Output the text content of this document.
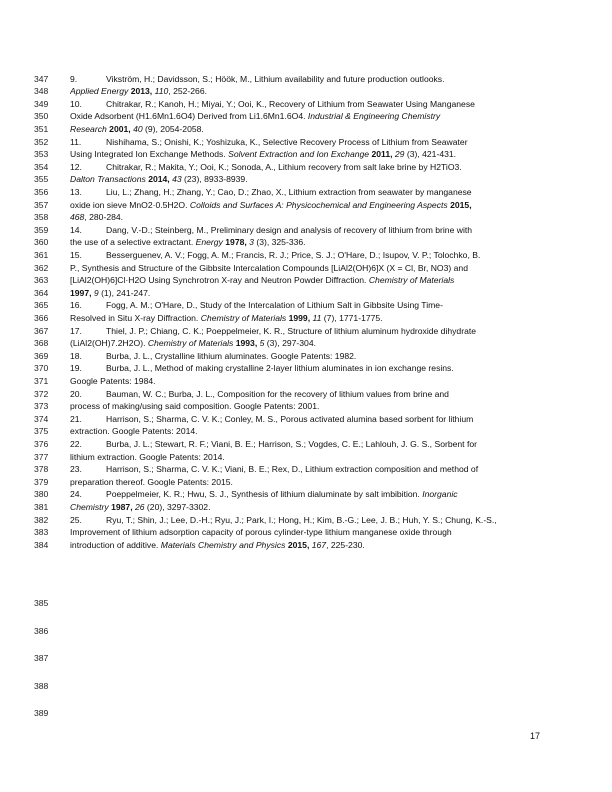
347	9.	Vikström, H.; Davidsson, S.; Höök, M., Lithium availability and future production outlooks.
348	Applied Energy 2013, 110, 252-266.
349	10.	Chitrakar, R.; Kanoh, H.; Miyai, Y.; Ooi, K., Recovery of Lithium from Seawater Using Manganese
350	Oxide Adsorbent (H1.6Mn1.6O4) Derived from Li1.6Mn1.6O4. Industrial & Engineering Chemistry
351	Research 2001, 40 (9), 2054-2058.
352	11.	Nishihama, S.; Onishi, K.; Yoshizuka, K., Selective Recovery Process of Lithium from Seawater
353	Using Integrated Ion Exchange Methods. Solvent Extraction and Ion Exchange 2011, 29 (3), 421-431.
354	12.	Chitrakar, R.; Makita, Y.; Ooi, K.; Sonoda, A., Lithium recovery from salt lake brine by H2TiO3.
355	Dalton Transactions 2014, 43 (23), 8933-8939.
356	13.	Liu, L.; Zhang, H.; Zhang, Y.; Cao, D.; Zhao, X., Lithium extraction from seawater by manganese
357	oxide ion sieve MnO2·0.5H2O. Colloids and Surfaces A: Physicochemical and Engineering Aspects 2015,
358	468, 280-284.
359	14.	Dang, V.-D.; Steinberg, M., Preliminary design and analysis of recovery of lithium from brine with
360	the use of a selective extractant. Energy 1978, 3 (3), 325-336.
361	15.	Besserguenev, A. V.; Fogg, A. M.; Francis, R. J.; Price, S. J.; O'Hare, D.; Isupov, V. P.; Tolochko, B.
362	P., Synthesis and Structure of the Gibbsite Intercalation Compounds [LiAl2(OH)6]X (X = Cl, Br, NO3) and
363	[LiAl2(OH)6]Cl·H2O Using Synchrotron X-ray and Neutron Powder Diffraction. Chemistry of Materials
364	1997, 9 (1), 241-247.
365	16.	Fogg, A. M.; O'Hare, D., Study of the Intercalation of Lithium Salt in Gibbsite Using Time-
366	Resolved in Situ X-ray Diffraction. Chemistry of Materials 1999, 11 (7), 1771-1775.
367	17.	Thiel, J. P.; Chiang, C. K.; Poeppelmeier, K. R., Structure of lithium aluminum hydroxide dihydrate
368	(LiAl2(OH)7.2H2O). Chemistry of Materials 1993, 5 (3), 297-304.
369	18.	Burba, J. L., Crystalline lithium aluminates. Google Patents: 1982.
370	19.	Burba, J. L., Method of making crystalline 2-layer lithium aluminates in ion exchange resins.
371	Google Patents: 1984.
372	20.	Bauman, W. C.; Burba, J. L., Composition for the recovery of lithium values from brine and
373	process of making/using said composition. Google Patents: 2001.
374	21.	Harrison, S.; Sharma, C. V. K.; Conley, M. S., Porous activated alumina based sorbent for lithium
375	extraction. Google Patents: 2014.
376	22.	Burba, J. L.; Stewart, R. F.; Viani, B. E.; Harrison, S.; Vogdes, C. E.; Lahlouh, J. G. S., Sorbent for
377	lithium extraction. Google Patents: 2014.
378	23.	Harrison, S.; Sharma, C. V. K.; Viani, B. E.; Rex, D., Lithium extraction composition and method of
379	preparation thereof. Google Patents: 2015.
380	24.	Poeppelmeier, K. R.; Hwu, S. J., Synthesis of lithium dialuminate by salt imbibition. Inorganic
381	Chemistry 1987, 26 (20), 3297-3302.
382	25.	Ryu, T.; Shin, J.; Lee, D.-H.; Ryu, J.; Park, I.; Hong, H.; Kim, B.-G.; Lee, J. B.; Huh, Y. S.; Chung, K.-S.,
383	Improvement of lithium adsorption capacity of porous cylinder-type lithium manganese oxide through
384	introduction of additive. Materials Chemistry and Physics 2015, 167, 225-230.
385
386
387
388
389
17
